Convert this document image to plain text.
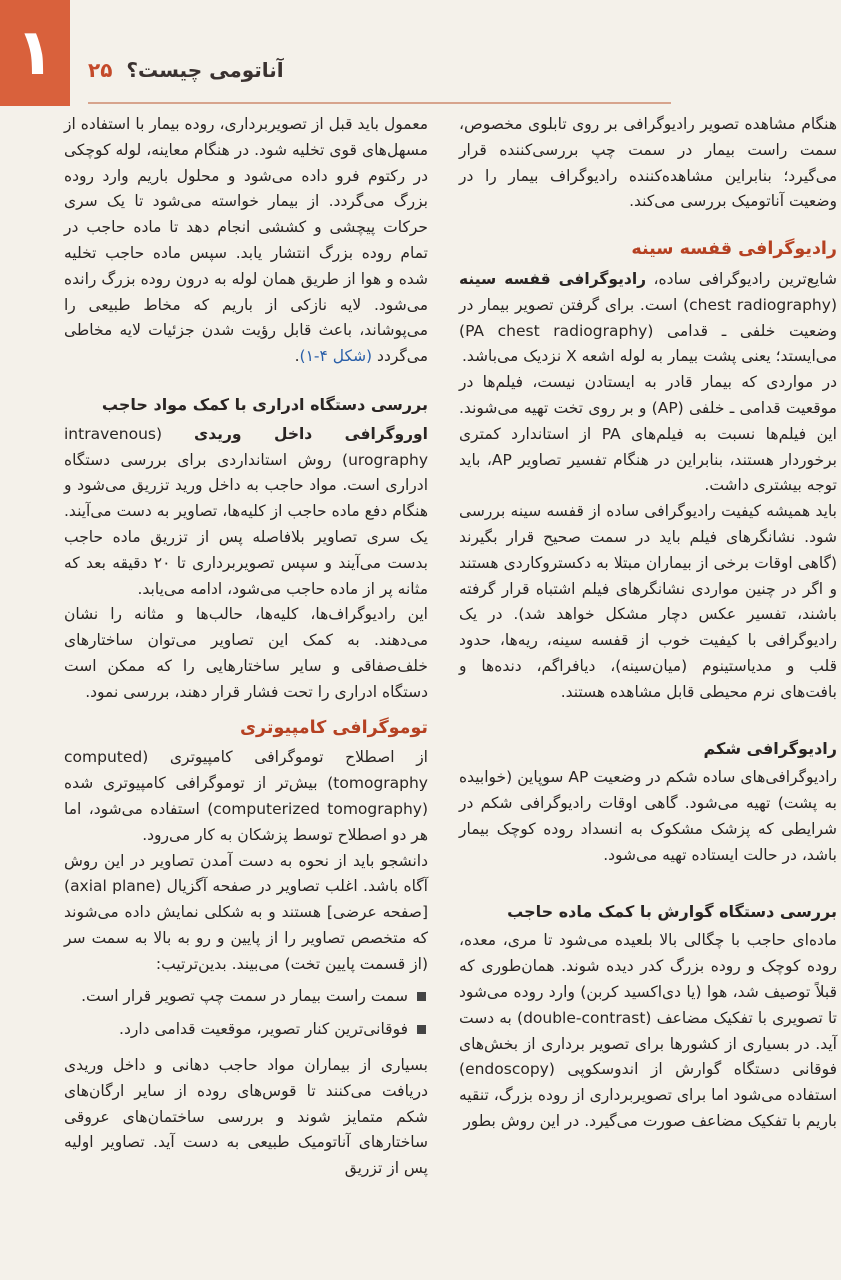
۱	آناتومی چیست؟۲۵

هنگام مشاهده تصویر رادیوگرافی بر روی تابلوی مخصوص، سمت راست بیمار در سمت چپ بررسی‌کننده قرار می‌گیرد؛ بنابراین مشاهده‌کننده رادیوگراف بیمار را در وضعیت آناتومیک بررسی می‌کند.

رادیوگرافی قفسه سینه

شایع‌ترین رادیوگرافی ساده، رادیوگرافی قفسه سینه (chest radiography) است. برای گرفتن تصویر بیمار در وضعیت خلفی ـ قدامی (PA chest radiography) می‌ایستد؛ یعنی پشت بیمار به لوله اشعه X نزدیک می‌باشد.

در مواردی که بیمار قادر به ایستادن نیست، فیلم‌ها در موقعیت قدامی ـ خلفی (AP) و بر روی تخت تهیه می‌شوند. این فیلم‌ها نسبت به فیلم‌های PA از استاندارد کمتری برخوردار هستند، بنابراین در هنگام تفسیر تصاویر AP، باید توجه بیشتری داشت.

باید همیشه کیفیت رادیوگرافی ساده از قفسه سینه بررسی شود. نشانگرهای فیلم باید در سمت صحیح قرار بگیرند (گاهی اوقات برخی از بیماران مبتلا به دکستروکاردی هستند و اگر در چنین مواردی نشانگرهای فیلم اشتباه قرار گرفته باشند، تفسیر عکس دچار مشکل خواهد شد). در یک رادیوگرافی با کیفیت خوب از قفسه سینه، ریه‌ها، حدود قلب و مدیاستینوم (میان‌سینه)، دیافراگم، دنده‌ها و بافت‌های نرم محیطی قابل مشاهده هستند.

رادیوگرافی شکم

رادیوگرافی‌های ساده شکم در وضعیت AP سوپاین (خوابیده به پشت) تهیه می‌شود. گاهی اوقات رادیوگرافی شکم در شرایطی که پزشک مشکوک به انسداد روده کوچک بیمار باشد، در حالت ایستاده تهیه می‌شود.

بررسی دستگاه گوارش با کمک ماده حاجب

ماده‌ای حاجب با چگالی بالا بلعیده می‌شود تا مری، معده، روده کوچک و روده بزرگ کدر دیده شوند. همان‌طوری که قبلاً توصیف شد، هوا (یا دی‌اکسید کربن) وارد روده می‌شود تا تصویری با تفکیک مضاعف (double-contrast) به دست آید. در بسیاری از کشورها برای تصویر برداری از بخش‌های فوقانی دستگاه گوارش از اندوسکوپی (endoscopy) استفاده می‌شود اما برای تصویربرداری از روده بزرگ، تنقیه باریم با تفکیک مضاعف صورت می‌گیرد. در این روش بطور

معمول باید قبل از تصویربرداری، روده بیمار با استفاده از مسهل‌های قوی تخلیه شود. در هنگام معاینه، لوله کوچکی در رکتوم فرو داده می‌شود و محلول باریم وارد روده بزرگ می‌گردد. از بیمار خواسته می‌شود تا یک سری حرکات پیچشی و کششی انجام دهد تا ماده حاجب در تمام روده بزرگ انتشار یابد. سپس ماده حاجب تخلیه شده و هوا از طریق همان لوله به درون روده بزرگ رانده می‌شود. لایه نازکی از باریم که مخاط طبیعی را می‌پوشاند، باعث قابل رؤیت شدن جزئیات لایه مخاطی می‌گردد (شکل ۴-۱).

بررسی دستگاه ادراری با کمک مواد حاجب

اوروگرافی داخل وریدی (intravenous urography) روش استانداردی برای بررسی دستگاه ادراری است. مواد حاجب به داخل ورید تزریق می‌شود و هنگام دفع ماده حاجب از کلیه‌ها، تصاویر به دست می‌آیند. یک سری تصاویر بلافاصله پس از تزریق ماده حاجب بدست می‌آیند و سپس تصویربرداری تا ۲۰ دقیقه بعد که مثانه پر از ماده حاجب می‌شود، ادامه می‌یابد.

این رادیوگراف‌ها، کلیه‌ها، حالب‌ها و مثانه را نشان می‌دهند. به کمک این تصاویر می‌توان ساختارهای خلف‌صفاقی و سایر ساختارهایی را که ممکن است دستگاه ادراری را تحت فشار قرار دهند، بررسی نمود.

توموگرافی کامپیوتری

از اصطلاح توموگرافی کامپیوتری (computed tomography) بیش‌تر از توموگرافی کامپیوتری شده (computerized tomography) استفاده می‌شود، اما هر دو اصطلاح توسط پزشکان به کار می‌رود.

دانشجو باید از نحوه به دست آمدن تصاویر در این روش آگاه باشد. اغلب تصاویر در صفحه آگزیال (axial plane) [صفحه عرضی] هستند و به شکلی نمایش داده می‌شوند که متخصص تصاویر را از پایین و رو به بالا به سمت سر (از قسمت پایین تخت) می‌بیند. بدین‌ترتیب:

سمت راست بیمار در سمت چپ تصویر قرار است.
فوقانی‌ترین کنار تصویر، موقعیت قدامی دارد.

بسیاری از بیماران مواد حاجب دهانی و داخل وریدی دریافت می‌کنند تا قوس‌های روده از سایر ارگان‌های شکم متمایز شوند و بررسی ساختمان‌های عروقی ساختارهای آناتومیک طبیعی به دست آید. تصاویر اولیه پس از تزریق
